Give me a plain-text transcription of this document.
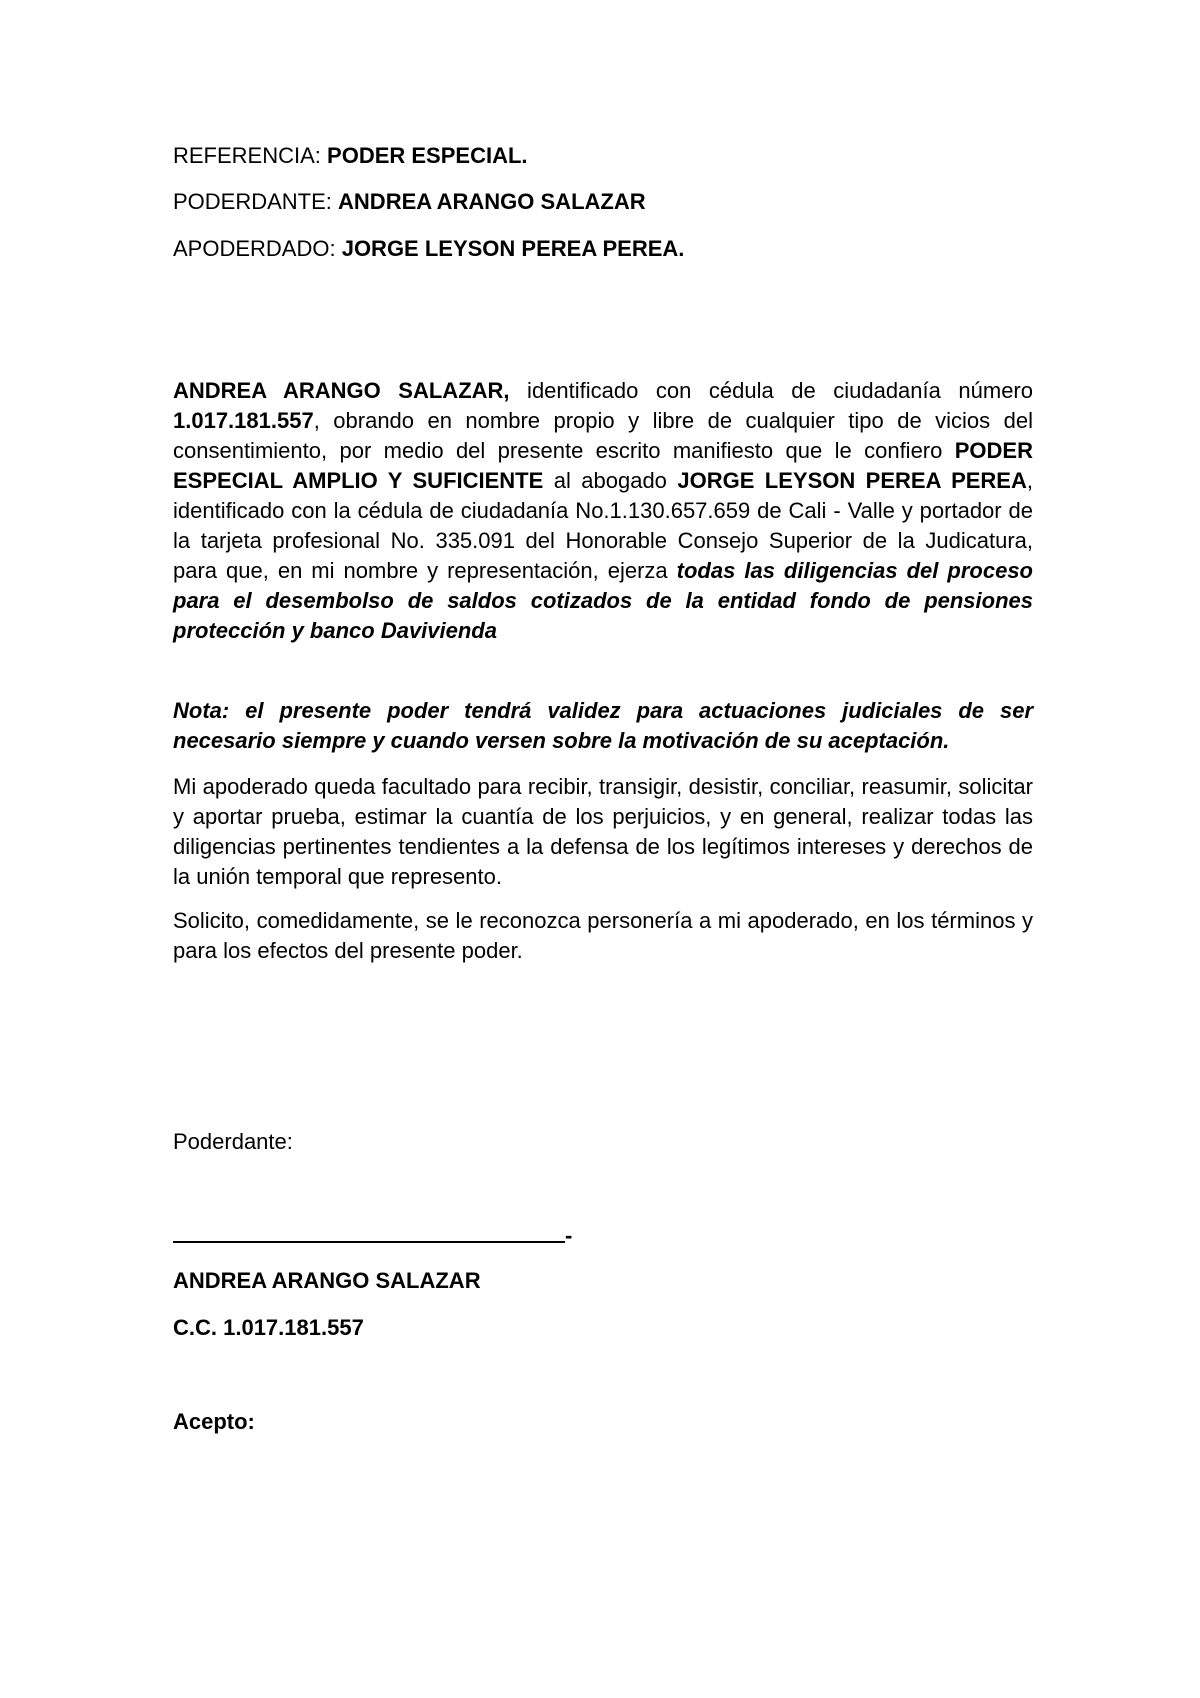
REFERENCIA: PODER ESPECIAL.
PODERDANTE: ANDREA ARANGO SALAZAR
APODERDADO: JORGE LEYSON PEREA PEREA.
ANDREA ARANGO SALAZAR, identificado con cédula de ciudadanía número 1.017.181.557, obrando en nombre propio y libre de cualquier tipo de vicios del consentimiento, por medio del presente escrito manifiesto que le confiero PODER ESPECIAL AMPLIO Y SUFICIENTE al abogado JORGE LEYSON PEREA PEREA, identificado con la cédula de ciudadanía No.1.130.657.659 de Cali - Valle y portador de la tarjeta profesional No. 335.091 del Honorable Consejo Superior de la Judicatura, para que, en mi nombre y representación, ejerza todas las diligencias del proceso para el desembolso de saldos cotizados de la entidad fondo de pensiones protección y banco Davivienda
Nota: el presente poder tendrá validez para actuaciones judiciales de ser necesario siempre y cuando versen sobre la motivación de su aceptación.
Mi apoderado queda facultado para recibir, transigir, desistir, conciliar, reasumir, solicitar y aportar prueba, estimar la cuantía de los perjuicios, y en general, realizar todas las diligencias pertinentes tendientes a la defensa de los legítimos intereses y derechos de la unión temporal que represento.
Solicito, comedidamente, se le reconozca personería a mi apoderado, en los términos y para los efectos del presente poder.
Poderdante:
-
ANDREA ARANGO SALAZAR
C.C. 1.017.181.557
Acepto:
